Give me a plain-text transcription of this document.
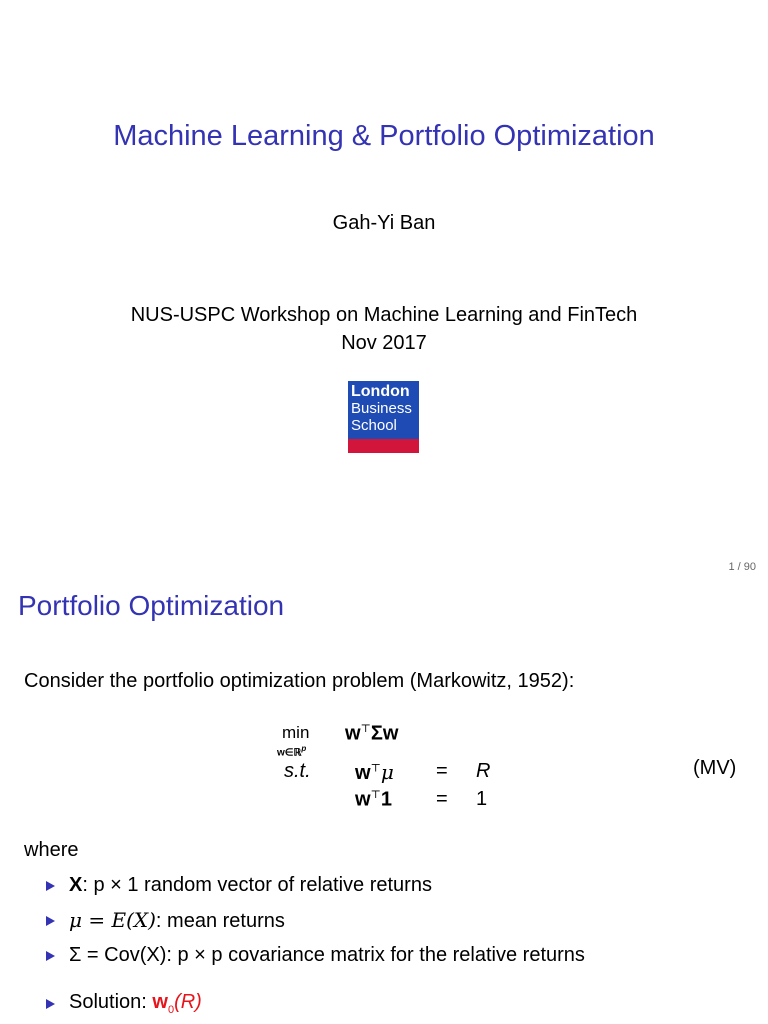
Machine Learning & Portfolio Optimization
Gah-Yi Ban
NUS-USPC Workshop on Machine Learning and FinTech
Nov 2017
London
Business
School
1 / 90
Portfolio Optimization
Consider the portfolio optimization problem (Markowitz, 1952):
min
w∈ℝ$^p$
w⊤Σw
s.t. w⊤μ = R
w⊤1 = 1
(MV)
where
X: p × 1 random vector of relative returns
μ = E(X): mean returns
Σ = Cov(X): p × p covariance matrix for the relative returns
Solution: $w_0(R)$
